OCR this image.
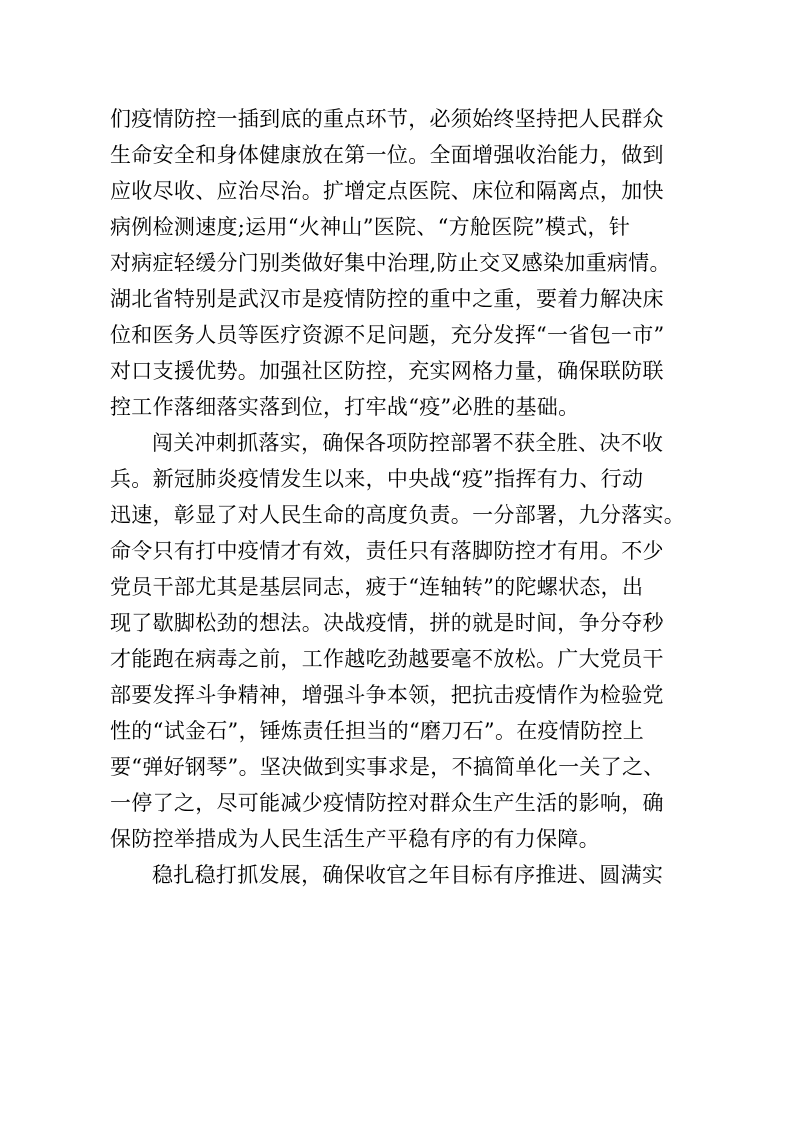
们疫情防控一插到底的重点环节，必须始终坚持把人民群众
生命安全和身体健康放在第一位。全面增强收治能力，做到
应收尽收、应治尽治。扩增定点医院、床位和隔离点，加快
病例检测速度;运用“火神山”医院、“方舱医院”模式，针
对病症轻缓分门别类做好集中治理,防止交叉感染加重病情。
湖北省特别是武汉市是疫情防控的重中之重，要着力解决床
位和医务人员等医疗资源不足问题，充分发挥“一省包一市”
对口支援优势。加强社区防控，充实网格力量，确保联防联
控工作落细落实落到位，打牢战“疫”必胜的基础。
闯关冲刺抓落实，确保各项防控部署不获全胜、决不收
兵。新冠肺炎疫情发生以来，中央战“疫”指挥有力、行动
迅速，彰显了对人民生命的高度负责。一分部署，九分落实。
命令只有打中疫情才有效，责任只有落脚防控才有用。不少
党员干部尤其是基层同志，疲于“连轴转”的陀螺状态，出
现了歇脚松劲的想法。决战疫情，拼的就是时间，争分夺秒
才能跑在病毒之前，工作越吃劲越要毫不放松。广大党员干
部要发挥斗争精神，增强斗争本领，把抗击疫情作为检验党
性的“试金石”，锤炼责任担当的“磨刀石”。在疫情防控上
要“弹好钢琴”。坚决做到实事求是，不搞简单化一关了之、
一停了之，尽可能减少疫情防控对群众生产生活的影响，确
保防控举措成为人民生活生产平稳有序的有力保障。
稳扎稳打抓发展，确保收官之年目标有序推进、圆满实
